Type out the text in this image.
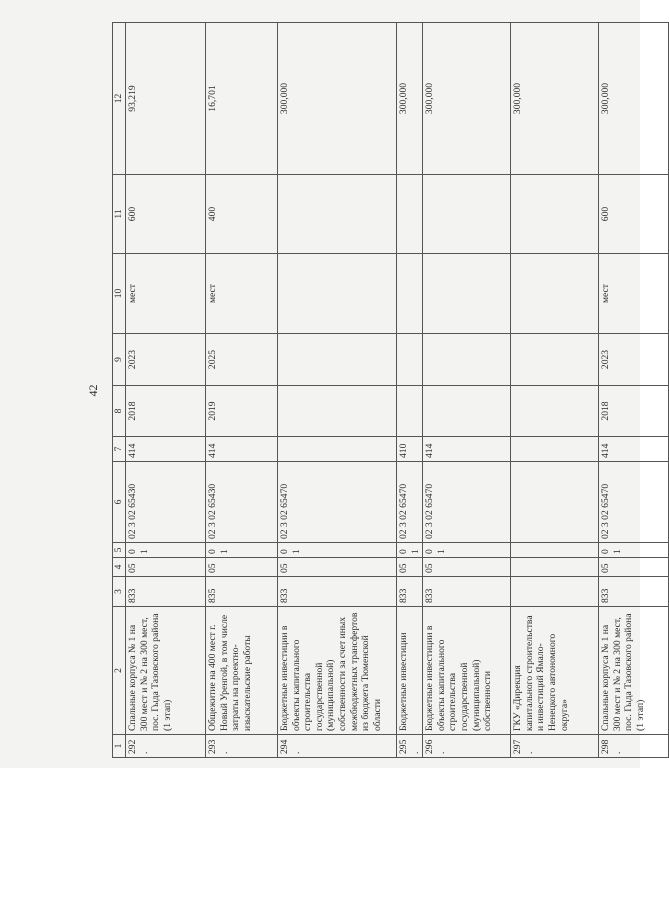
42
1	2	3	4	5	6	7	8	9	10	11	12
292.	Спальные корпуса № 1 на 300 мест и № 2 на 300 мест, пос. Гыда Тазовского района (1 этап)	833	05	01	02 3 02 65430	414	2018	2023	мест	600	93,219
293.	Общежитие на 400 мест г. Новый Уренгой, в том числе затраты на проектно-изыскательские работы	835	05	01	02 3 02 65430	414	2019	2025	мест	400	16,701
294.	Бюджетные инвестиции в объекты капитального строительства государственной (муниципальной) собственности за счет иных межбюджетных трансфертов из бюджета Тюменской области	833	05	01	02 3 02 65470						300,000
295.	Бюджетные инвестиции	833	05	01	02 3 02 65470	410					300,000
296.	Бюджетные инвестиции в объекты капитального строительства государственной (муниципальной) собственности	833	05	01	02 3 02 65470	414					300,000
297.	ГКУ «Дирекция капитального строительства и инвестиций Ямало-Ненецкого автономного округа»										300,000
298.	Спальные корпуса № 1 на 300 мест и № 2 на 300 мест, пос. Гыда Тазовского района (1 этап)	833	05	01	02 3 02 65470	414	2018	2023	мест	600	300,000
